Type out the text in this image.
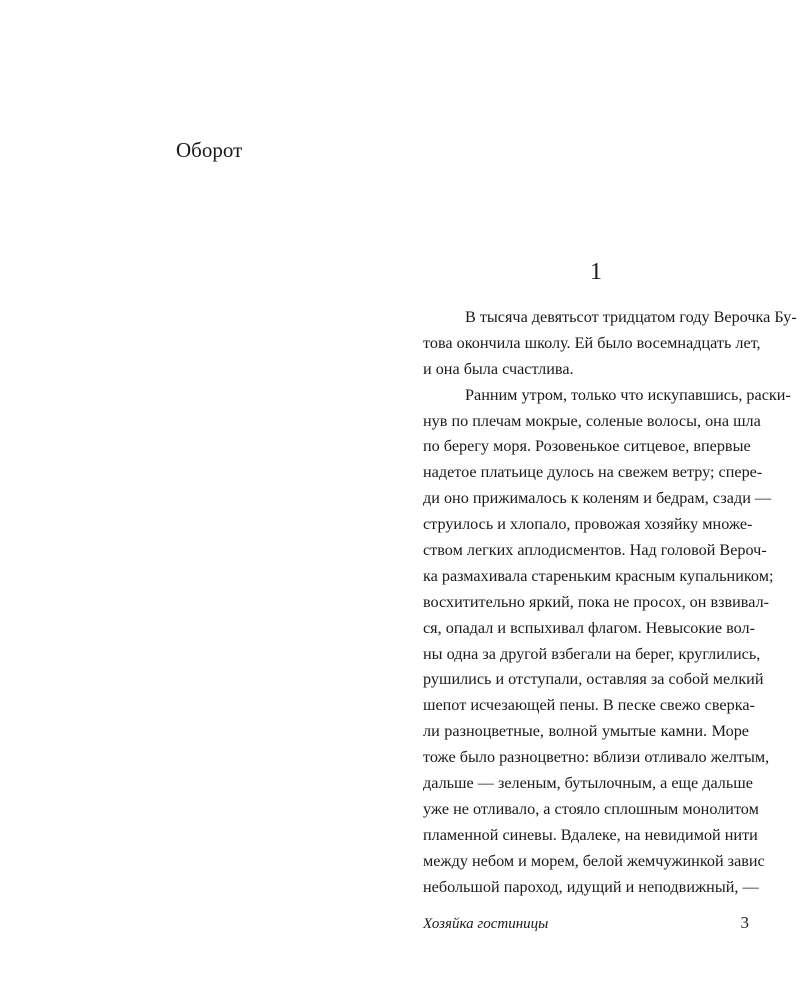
Оборот
1
В тысяча девятьсот тридцатом году Верочка Бу-
това окончила школу. Ей было восемнадцать лет,
и она была счастлива.
Ранним утром, только что искупавшись, раски-
нув по плечам мокрые, соленые волосы, она шла
по берегу моря. Розовенькое ситцевое, впервые
надетое платьице дулось на свежем ветру; спере-
ди оно прижималось к коленям и бедрам, сзади —
струилось и хлопало, провожая хозяйку множе-
ством легких аплодисментов. Над головой Вероч-
ка размахивала стареньким красным купальником;
восхитительно яркий, пока не просох, он взвивал-
ся, опадал и вспыхивал флагом. Невысокие вол-
ны одна за другой взбегали на берег, круглились,
рушились и отступали, оставляя за собой мелкий
шепот исчезающей пены. В песке свежо сверка-
ли разноцветные, волной умытые камни. Море
тоже было разноцветно: вблизи отливало желтым,
дальше — зеленым, бутылочным, а еще дальше
уже не отливало, а стояло сплошным монолитом
пламенной синевы. Вдалеке, на невидимой нити
между небом и морем, белой жемчужинкой завис
небольшой пароход, идущий и неподвижный, —
Хозяйка гостиницы	3
